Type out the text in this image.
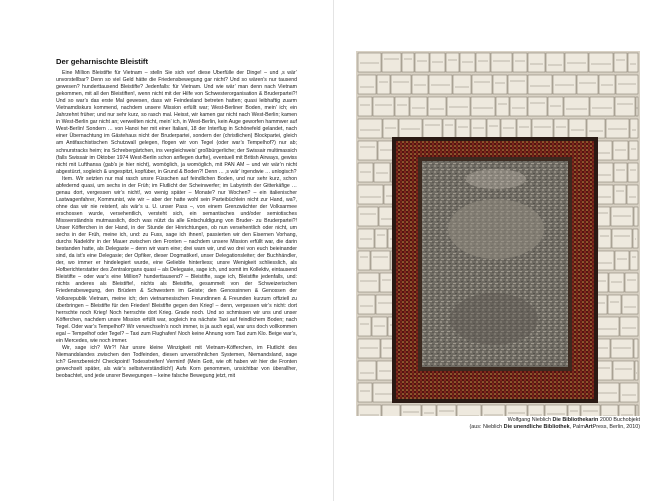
Der geharnischte Bleistift

Eine Million Bleistifte für Vietnam – stelln Sie sich vor! diese Überfülle der Dinge! – und ‚s wär’ unvorstellbar? Denn so viel Geld hätte die Friedensbewegung gar nicht? Und so wären’s nur tausend gewesen? hunderttausend Bleistifte? Jedenfalls: für Vietnam. Und wie wär’ man denn nach Vietnam gekommen, mit all den Bleistiften!, wenn nicht mit der Hilfe von Schwesterorganisation & Bruderpartei?! Und so war’s das erste Mal gewesen, dass wir Feindesland betreten hatten; quasi leibhaftig zuarm Vietnamdiskurs kommend, nachdem unsere Mission erfüllt war; West-Berliner Boden, mein’ ich; ein Jahrzehnt früher; und nur sehr kurz, so rasch mal. Heisst, wir kamen gar nicht nach West-Berlin; kamen in West-Berlin gar nicht an; verweilten nicht, mein’ ich, in West-Berlin, kein Auge geworfen hammwer auf West-Berlin! Sondern … von Hanoi her mit einer Italiani, 18 der Interflug in Schönefeld gelandet, nach einer Übernachtung im Gästehaus nicht der Bruderpartei, sondern der (christlichen) Blockpartei, gleich am Antifaschistischen Schutzwall gelegen, flogen wir von Tegel (oder war’s Tempelhof?) nur ab; schnurstracks heim; ins Schrebergärtchen, ins vergleichweis’ großbürgerliche; der Swissair multimassich (falls Swissair im Oktober 1974 West-Berlin schon anflegen durfte), eventuell mit British Airways, gewiss nicht mit Lufthansa (gab’s je hier nicht), womöglich, ja womöglich, mit PAN AM – und wir wär’n nicht abgestürzt, sogleich & ungespitzt, kopfüber, in Grund & Boden?! Denn … ‚s wär’ irgendwie … unlogisch?

Item. Wir setzten nur mal rasch unsre Füsschen auf feindlichen Boden, und nur sehr kurz, schon abfedernd quasi, um sechs in der Früh; im Flutlicht der Scheinwerfer; im Labyrinth der Gitterkäfige … genau dort, vergessen wir’s nicht!, wo wenig später – Monate? nur Wochen? – ein italienischer Lastwagenfahrer, Kommunist, wie wir – aber der hatte wohl sein Parteibüchlein nicht zur Hand, wa?, ohne das wir nie reistenf, als wär’s u. U. unser Pass –, von einem Grenzwächter der Volksarmee erschossen wurde, versehentlich, versteht sich, ein semantisches und/oder semiotisches Missverständnis mutmasslich, doch was nützt da alle Entschuldigung von Bruder- zu Bruderpartei?! Unser Köfferchen in der Hand, in der Stunde der Hinrichtungen, ob nun versehentlich oder nicht, um sechs in der Früh, meine ich, und: zu Fuss, sage ich ihnen!, passierten wir den Eisernen Vorhang, durchs Nadelöhr in der Mauer zwischen den Fronten – nachdem unsere Mission erfüllt war, die darin bestanden hatte, als Delegaste – denn wir warn eine; drei warn wir, und wo drei von euch beieinander sind, da ist’s eine Delegasie; der Opfiker, dieser Dogmatikerl, unser Delegationsleiter; der Buchhändler, der, wo immer er hindelegiert wurde, eine Gelieble hinterliess; unsre Wenigkeit schliesslich, als Hofberichterstatter des Zentralorgans quasi – als Delegasie, sage ich, und somit im Kollektiv, eintausend Bleistifte – oder war’s eine Million? hunderttausend? – Bleistifte, sage ich, Bleistifte jedenfalls, und: nichts anderes als Bleistifte!, nichts als Bleistifte, gesammelt von der Schweizerischen Friedensbewegung, den Brüdern & Schwestern im Geiste; den Genossinnen & Genossen der Volksrepublik Vietnam, meine ich; den vietnamesischen Freundinnen & Freunden kurzum offiziell zu überbringen – Bleistifte für den Frieden! Bleistifte gegen den Krieg! – denn, vergessen wir’s nicht: dort herrschte noch Krieg! Noch herrschte dort Krieg. Grade noch. Und so schmissen wir uns und unser Köfferchen, nachdem unsre Mission erfüllt war, sogleich ins nächste Taxi auf feindlichem Boden; nach Tegel. Oder war’s Tempelhof? Wir verwechseln’s noch immer, is ja auch egal, war uns doch vollkommen egal – Tempelhof oder Tegel? – Taxi zum Flughafen! Noch keine Ahnung vom Taxi zum Klo. Beige war’s, ein Mercedes, wie noch immer.

Wir, sage ich? Wir?! Nur unsre kleine Winzigkeit mit Vietnam-Köfferchen, im Flutlicht des Niemandslandes zwischen den Todfeinden, diesen unversöhnlichen Systemen, Niemandsland, sage ich? Grenzbereich! Checkpoint! Todesstreifen! Vermint! (Mein Gott, wie oft haben wir hier die Fronten gewechselt später, als wär’s selbstverständlich!) Aufs Korn genommen, unsichtbar von überallher, beobachtet, und jede unsrer Bewegungen – keine falsche Bewegung jetzt, mit

Wolfgang Nieblich Die Bibliothekarin 2000 Buchobjekt
(aus: Nieblich Die unendliche Bibliothek, PalmArtPress, Berlin, 2010)
